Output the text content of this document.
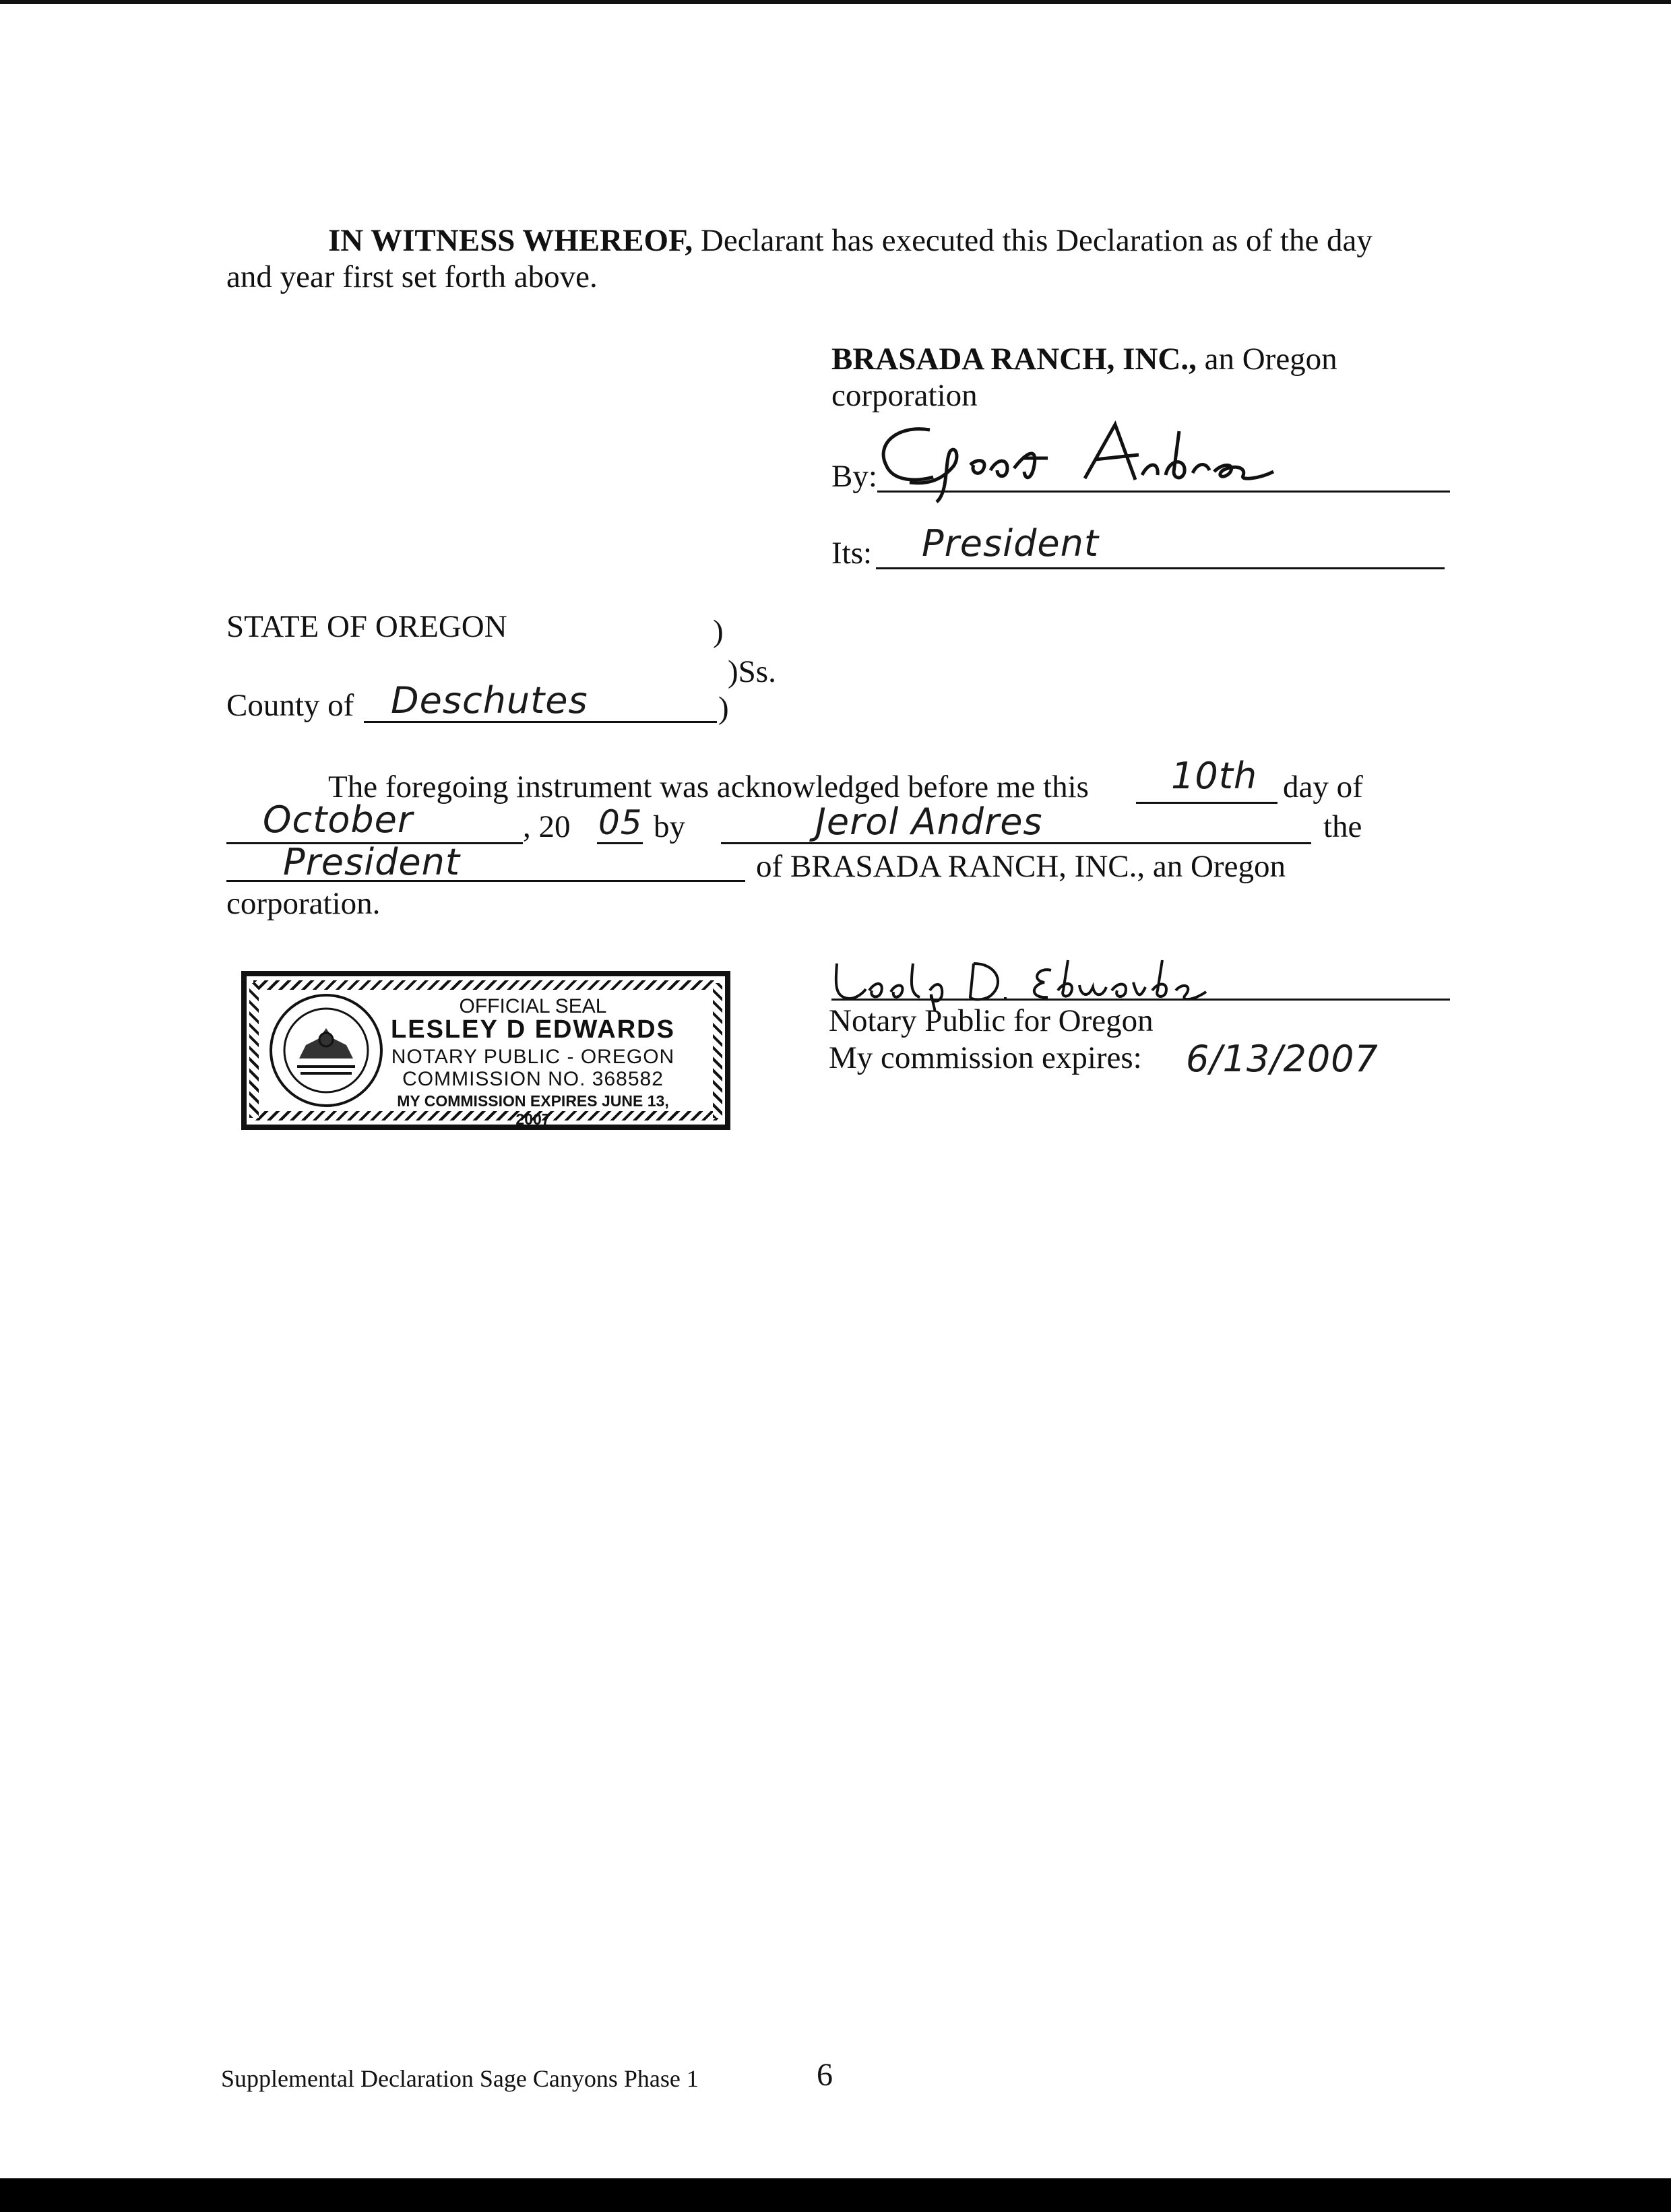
IN WITNESS WHEREOF, Declarant has executed this Declaration as of the day
and year first set forth above.
BRASADA RANCH, INC., an Oregon
corporation
By:
Its: President
STATE OF OREGON	)
)Ss.
County of Deschutes	)
The foregoing instrument was acknowledged before me this 10th day of
October	, 20 05 by	Jerol Andres	the
President	of BRASADA RANCH, INC., an Oregon
corporation.
Notary Public for Oregon
My commission expires: 6/13/2007
OFFICIAL SEAL
LESLEY D EDWARDS
NOTARY PUBLIC - OREGON
COMMISSION NO. 368582
MY COMMISSION EXPIRES JUNE 13, 2007
Supplemental Declaration Sage Canyons Phase 1	6
